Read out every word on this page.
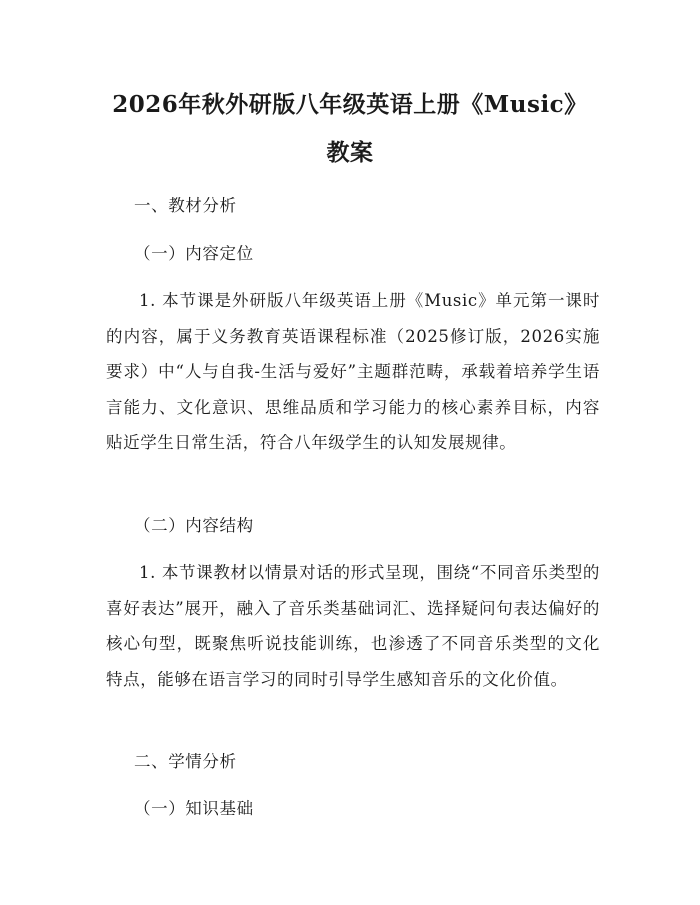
2026年秋外研版八年级英语上册《Music》
教案
一、教材分析
（一）内容定位
1. 本节课是外研版八年级英语上册《Music》单元第一课时的内容，属于义务教育英语课程标准（2025修订版，2026实施要求）中“人与自我-生活与爱好”主题群范畴，承载着培养学生语言能力、文化意识、思维品质和学习能力的核心素养目标，内容贴近学生日常生活，符合八年级学生的认知发展规律。
（二）内容结构
1. 本节课教材以情景对话的形式呈现，围绕“不同音乐类型的喜好表达”展开，融入了音乐类基础词汇、选择疑问句表达偏好的核心句型，既聚焦听说技能训练，也渗透了不同音乐类型的文化特点，能够在语言学习的同时引导学生感知音乐的文化价值。
二、学情分析
（一）知识基础
